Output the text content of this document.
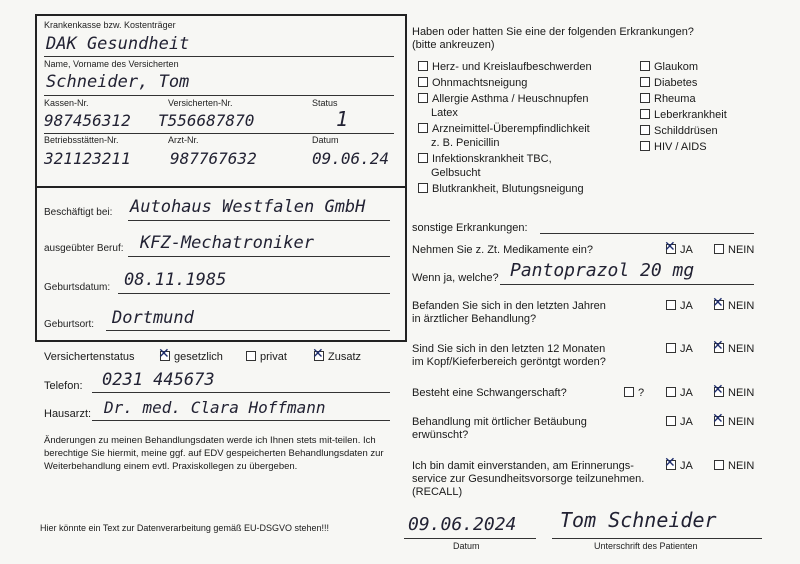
Krankenkasse bzw. Kostenträger
DAK Gesundheit
Name, Vorname des Versicherten
Schneider, Tom
Kassen-Nr.	Versicherten-Nr.	Status
987456312 T556687870	1
Betriebsstätten-Nr.	Arzt-Nr.	Datum
321123211 987767632	09.06.24
Beschäftigt bei: Autohaus Westfalen GmbH
ausgeübter Beruf: KFZ-Mechatroniker
Geburtsdatum: 08.11.1985
Geburtsort: Dortmund
Versichertenstatus ✕	gesetzlich	privat ✕	Zusatz
Telefon: 0231 445673
Hausarzt: Dr. med. Clara Hoffmann
Änderungen zu meinen Behandlungsdaten werde ich Ihnen stets mit-teilen. Ich berechtige Sie hiermit, meine ggf. auf EDV gespeicherten Behandlungsdaten zur Weiterbehandlung einem evtl. Praxiskollegen zu übergeben.
Hier könnte ein Text zur Datenverarbeitung gemäß EU-DSGVO stehen!!!
Haben oder hatten Sie eine der folgenden Erkrankungen?
(bitte ankreuzen)
Herz- und Kreislaufbeschwerden
Ohnmachtsneigung
Allergie Asthma / Heuschnupfen
Latex
Arzneimittel-Überempfindlichkeit
z. B. Penicillin
Infektionskrankheit TBC,
Gelbsucht
Blutkrankheit, Blutungsneigung
Glaukom
Diabetes
Rheuma
Leberkrankheit
Schilddrüsen
HIV / AIDS
sonstige Erkrankungen:
Nehmen Sie z. Zt. Medikamente ein? ✕	JA	NEIN
Wenn ja, welche? Pantoprazol 20 mg
Befanden Sie sich in den letzten Jahren
in ärztlicher Behandlung?
JA ✕	NEIN
Sind Sie sich in den letzten 12 Monaten
im Kopf/Kieferbereich geröntgt worden?
JA ✕	NEIN
Besteht eine Schwangerschaft?	?	JA ✕	NEIN
Behandlung mit örtlicher Betäubung
erwünscht?
JA ✕	NEIN
Ich bin damit einverstanden, am Erinnerungs-
service zur Gesundheitsvorsorge teilzunehmen.
(RECALL)
✕JA	NEIN
09.06.2024
Datum
Tom Schneider
Unterschrift des Patienten
